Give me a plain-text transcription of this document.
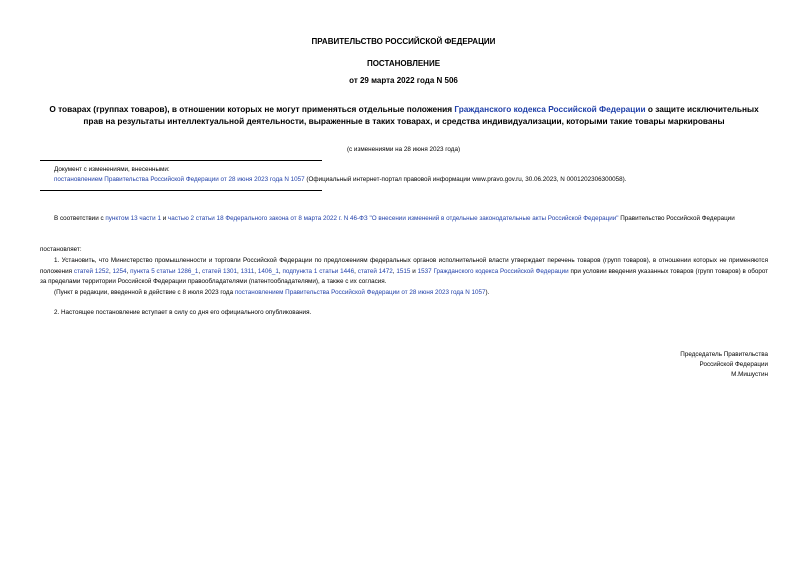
ПРАВИТЕЛЬСТВО РОССИЙСКОЙ ФЕДЕРАЦИИ
ПОСТАНОВЛЕНИЕ
от 29 марта 2022 года N 506
О товарах (группах товаров), в отношении которых не могут применяться отдельные положения Гражданского кодекса Российской Федерации о защите исключительных прав на результаты интеллектуальной деятельности, выраженные в таких товарах, и средства индивидуализации, которыми такие товары маркированы
(с изменениями на 28 июня 2023 года)
Документ с изменениями, внесенными:
постановлением Правительства Российской Федерации от 28 июня 2023 года N 1057 (Официальный интернет-портал правовой информации www.pravo.gov.ru, 30.06.2023, N 0001202306300058).
В соответствии с пунктом 13 части 1 и частью 2 статьи 18 Федерального закона от 8 марта 2022 г. N 46-ФЗ "О внесении изменений в отдельные законодательные акты Российской Федерации" Правительство Российской Федерации
постановляет:
1. Установить, что Министерство промышленности и торговли Российской Федерации по предложениям федеральных органов исполнительной власти утверждает перечень товаров (групп товаров), в отношении которых не применяются положения статей 1252, 1254, пункта 5 статьи 1286_1, статей 1301, 1311, 1406_1, подпункта 1 статьи 1446, статей 1472, 1515 и 1537 Гражданского кодекса Российской Федерации при условии введения указанных товаров (групп товаров) в оборот за пределами территории Российской Федерации правообладателями (патентообладателями), а также с их согласия.
(Пункт в редакции, введенной в действие с 8 июля 2023 года постановлением Правительства Российской Федерации от 28 июня 2023 года N 1057).
2. Настоящее постановление вступает в силу со дня его официального опубликования.
Председатель Правительства
Российской Федерации
М.Мишустин
